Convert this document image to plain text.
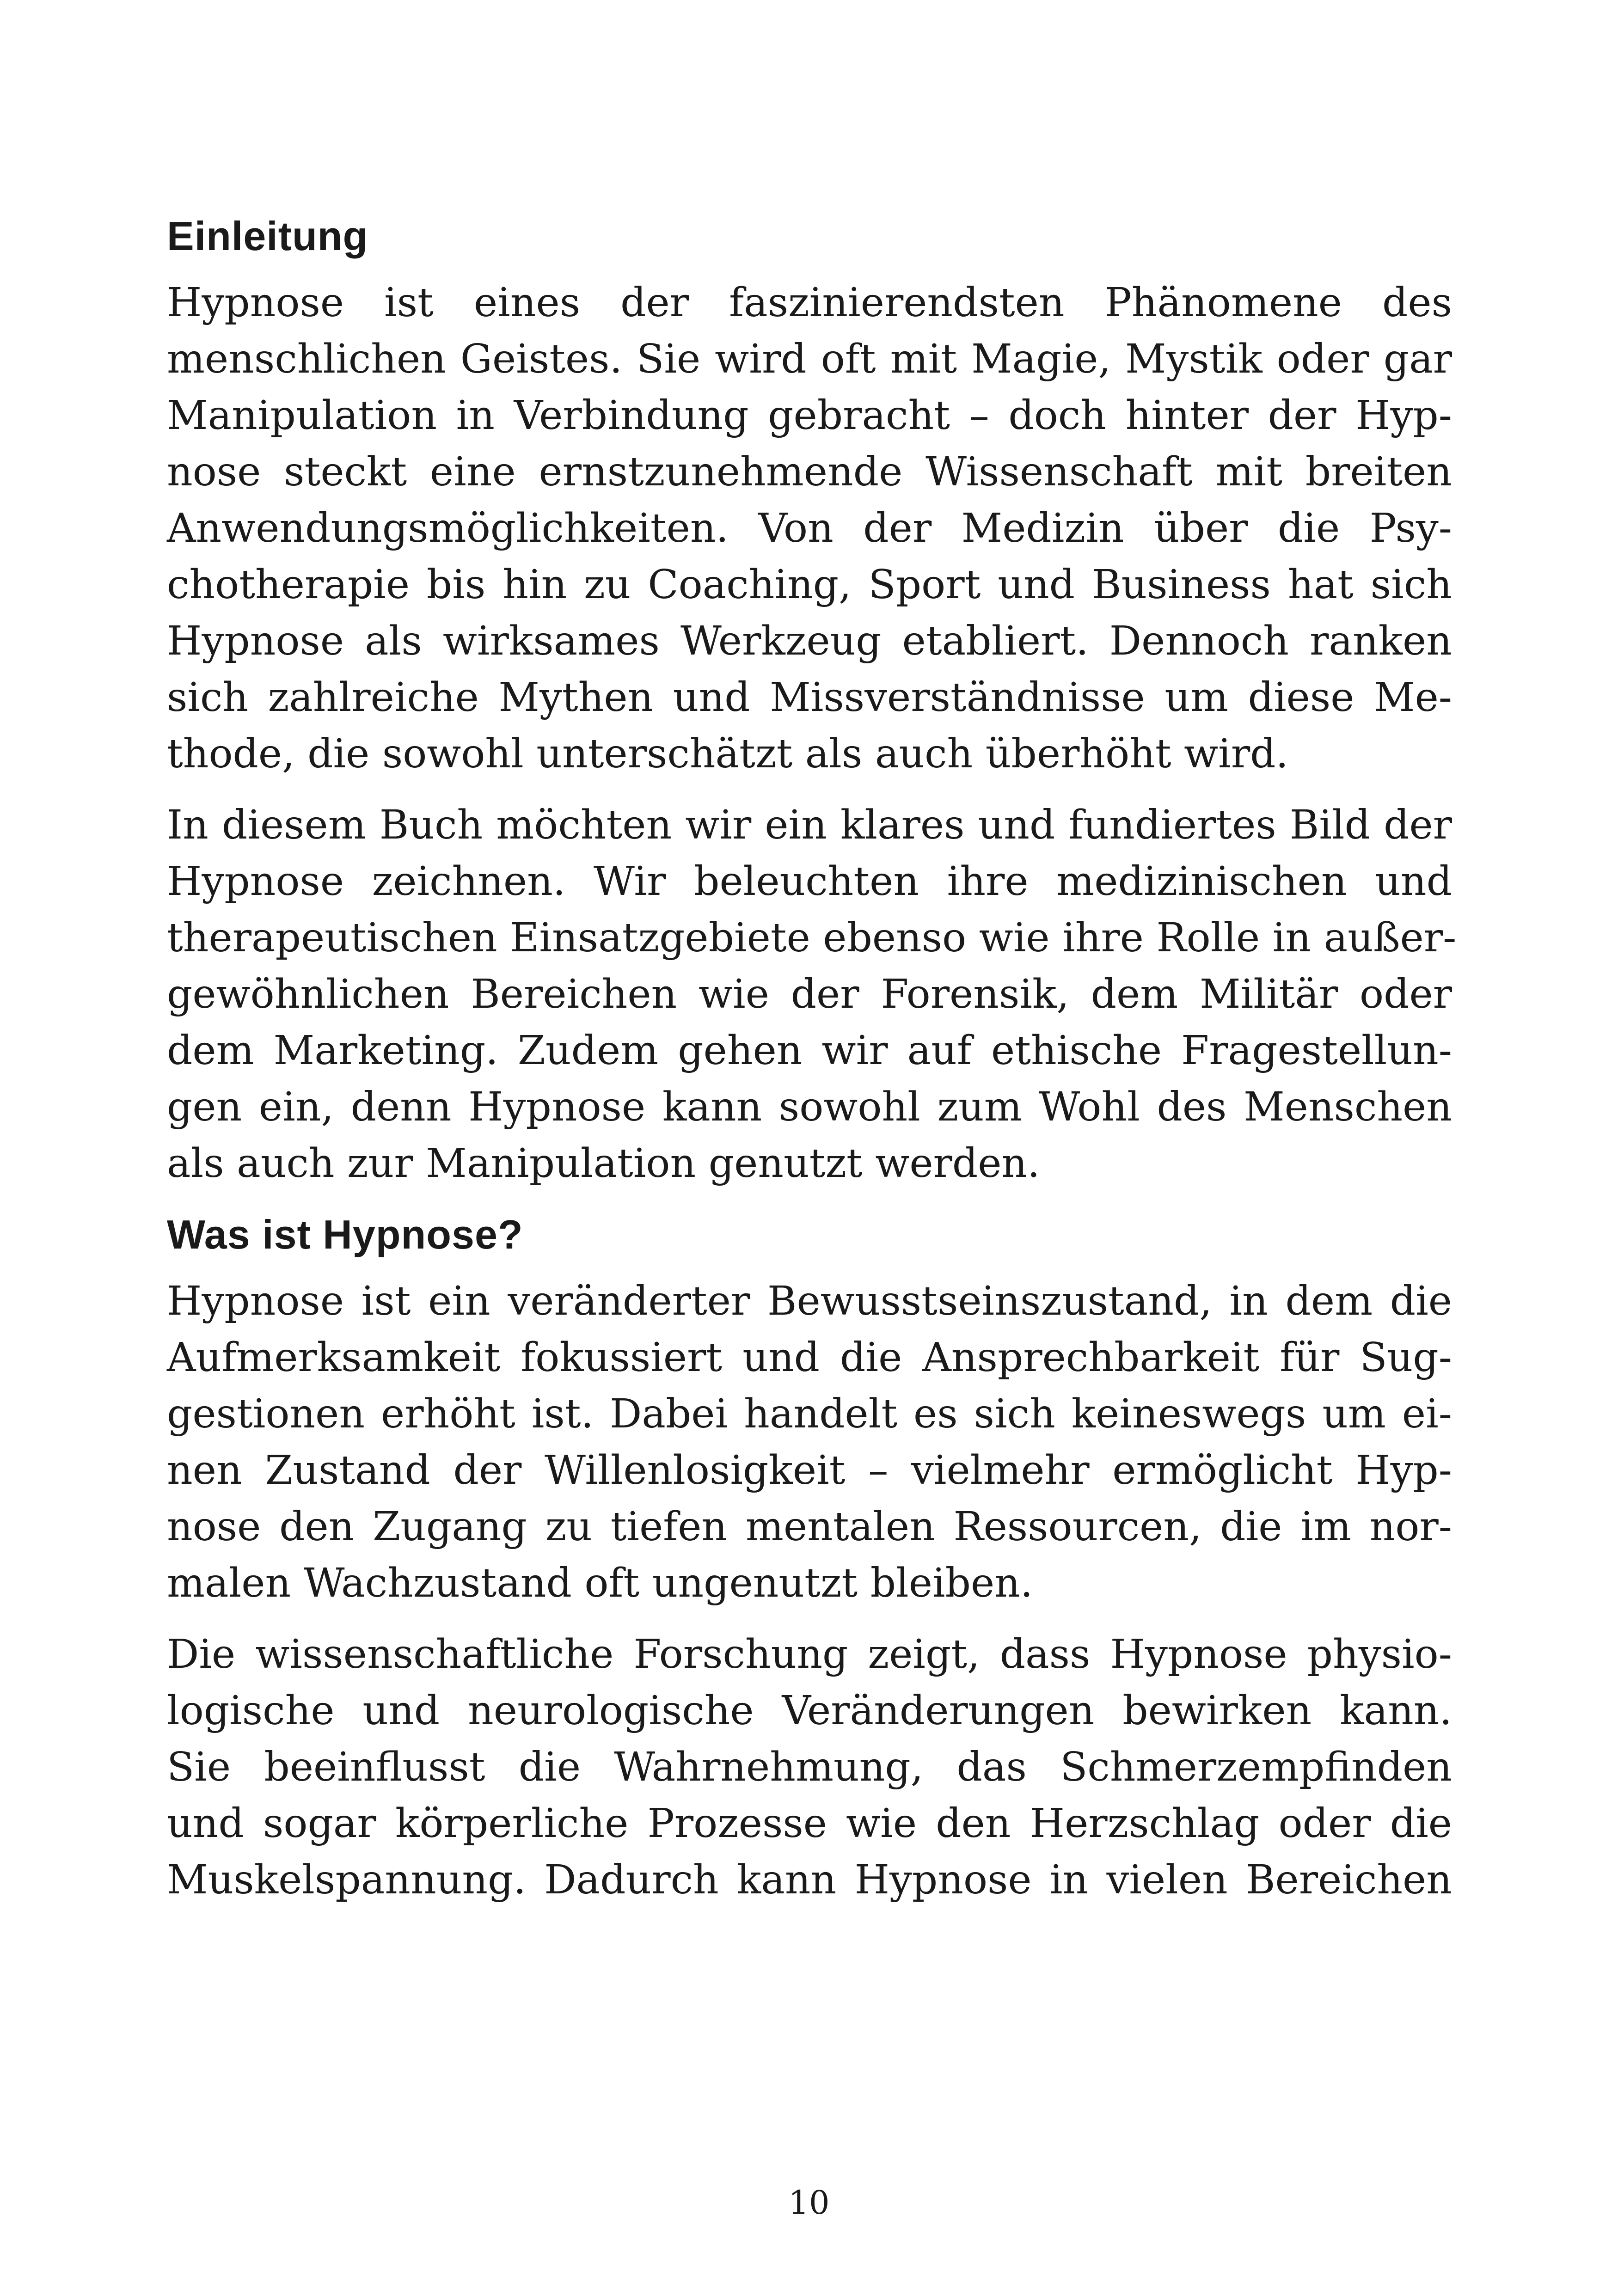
Einleitung

Hypnose ist eines der faszinierendsten Phänomene des
menschlichen Geistes. Sie wird oft mit Magie, Mystik oder gar
Manipulation in Verbindung gebracht – doch hinter der Hyp-
nose steckt eine ernstzunehmende Wissenschaft mit breiten
Anwendungsmöglichkeiten. Von der Medizin über die Psy-
chotherapie bis hin zu Coaching, Sport und Business hat sich
Hypnose als wirksames Werkzeug etabliert. Dennoch ranken
sich zahlreiche Mythen und Missverständnisse um diese Me-
thode, die sowohl unterschätzt als auch überhöht wird.

In diesem Buch möchten wir ein klares und fundiertes Bild der
Hypnose zeichnen. Wir beleuchten ihre medizinischen und
therapeutischen Einsatzgebiete ebenso wie ihre Rolle in außer-
gewöhnlichen Bereichen wie der Forensik, dem Militär oder
dem Marketing. Zudem gehen wir auf ethische Fragestellun-
gen ein, denn Hypnose kann sowohl zum Wohl des Menschen
als auch zur Manipulation genutzt werden.

Was ist Hypnose?

Hypnose ist ein veränderter Bewusstseinszustand, in dem die
Aufmerksamkeit fokussiert und die Ansprechbarkeit für Sug-
gestionen erhöht ist. Dabei handelt es sich keineswegs um ei-
nen Zustand der Willenlosigkeit – vielmehr ermöglicht Hyp-
nose den Zugang zu tiefen mentalen Ressourcen, die im nor-
malen Wachzustand oft ungenutzt bleiben.

Die wissenschaftliche Forschung zeigt, dass Hypnose physio-
logische und neurologische Veränderungen bewirken kann.
Sie beeinflusst die Wahrnehmung, das Schmerzempfinden
und sogar körperliche Prozesse wie den Herzschlag oder die
Muskelspannung. Dadurch kann Hypnose in vielen Bereichen

10
